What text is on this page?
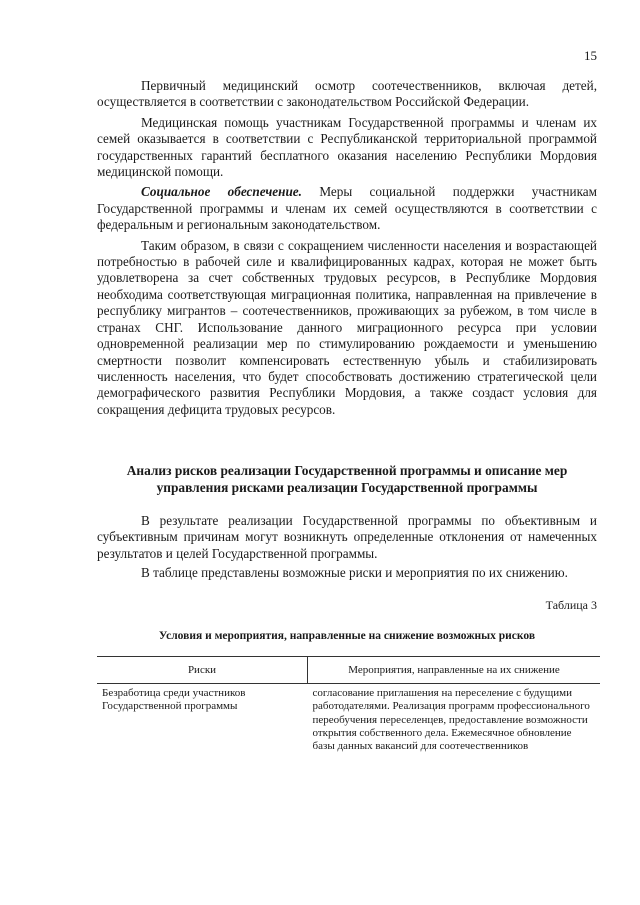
15

Первичный медицинский осмотр соотечественников, включая детей, осуществляется в соответствии с законодательством Российской Федерации.

Медицинская помощь участникам Государственной программы и членам их семей оказывается в соответствии с Республиканской территориальной программой государственных гарантий бесплатного оказания населению Республики Мордовия медицинской помощи.

Социальное обеспечение. Меры социальной поддержки участникам Государственной программы и членам их семей осуществляются в соответствии с федеральным и региональным законодательством.

Таким образом, в связи с сокращением численности населения и возрастающей потребностью в рабочей силе и квалифицированных кадрах, которая не может быть удовлетворена за счет собственных трудовых ресурсов, в Республике Мордовия необходима соответствующая миграционная политика, направленная на привлечение в республику мигрантов – соотечественников, проживающих за рубежом, в том числе в странах СНГ. Использование данного миграционного ресурса при условии одновременной реализации мер по стимулированию рождаемости и уменьшению смертности позволит компенсировать естественную убыль и стабилизировать численность населения, что будет способствовать достижению стратегической цели демографического развития Республики Мордовия, а также создаст условия для сокращения дефицита трудовых ресурсов.

Анализ рисков реализации Государственной программы и описание мер управления рисками реализации Государственной программы

В результате реализации Государственной программы по объективным и субъективным причинам могут возникнуть определенные отклонения от намеченных результатов и целей Государственной программы.

В таблице представлены возможные риски и мероприятия по их снижению.

Таблица 3
Условия и мероприятия, направленные на снижение возможных рисков
Риски	Мероприятия, направленные на их снижение
Безработица среди участников Государственной программы	согласование приглашения на переселение с будущими работодателями. Реализация программ профессионального переобучения переселенцев, предоставление возможности открытия собственного дела. Ежемесячное обновление базы данных вакансий для соотечественников
